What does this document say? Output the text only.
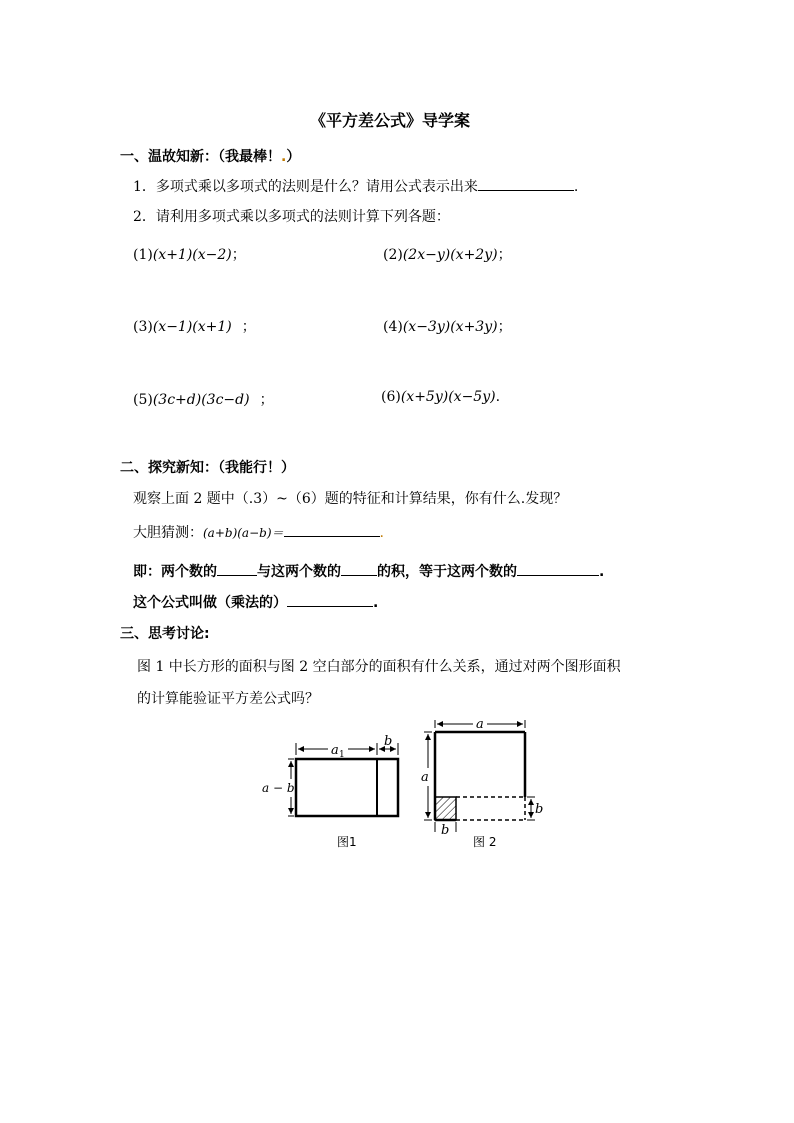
《平方差公式》导学案
一、温故知新：（我最棒！.）
1．多项式乘以多项式的法则是什么？请用公式表示出来	.
2．请利用多项式乘以多项式的法则计算下列各题：
(1)(x+1)(x−2)；	(2)(2x−y)(x+2y)；
(3)(x−1)(x+1) ；	(4)(x−3y)(x+3y)；
(5)(3c+d)(3c−d) ；	(6)(x+5y)(x−5y).
二、探究新知：（我能行！）
观察上面 2 题中（.3）~（6）题的特征和计算结果，你有什么.发现？
大胆猜测：(a+b)(a−b)＝	.
即：两个数的	与这两个数的	的积，等于这两个数的	.
这个公式叫做（乘法的）	.
三、思考讨论:
图 1 中长方形的面积与图 2 空白部分的面积有什么关系，通过对两个图形面积
的计算能验证平方差公式吗？
a 1
b
a − b
图1
a
a
b
b
图 2
